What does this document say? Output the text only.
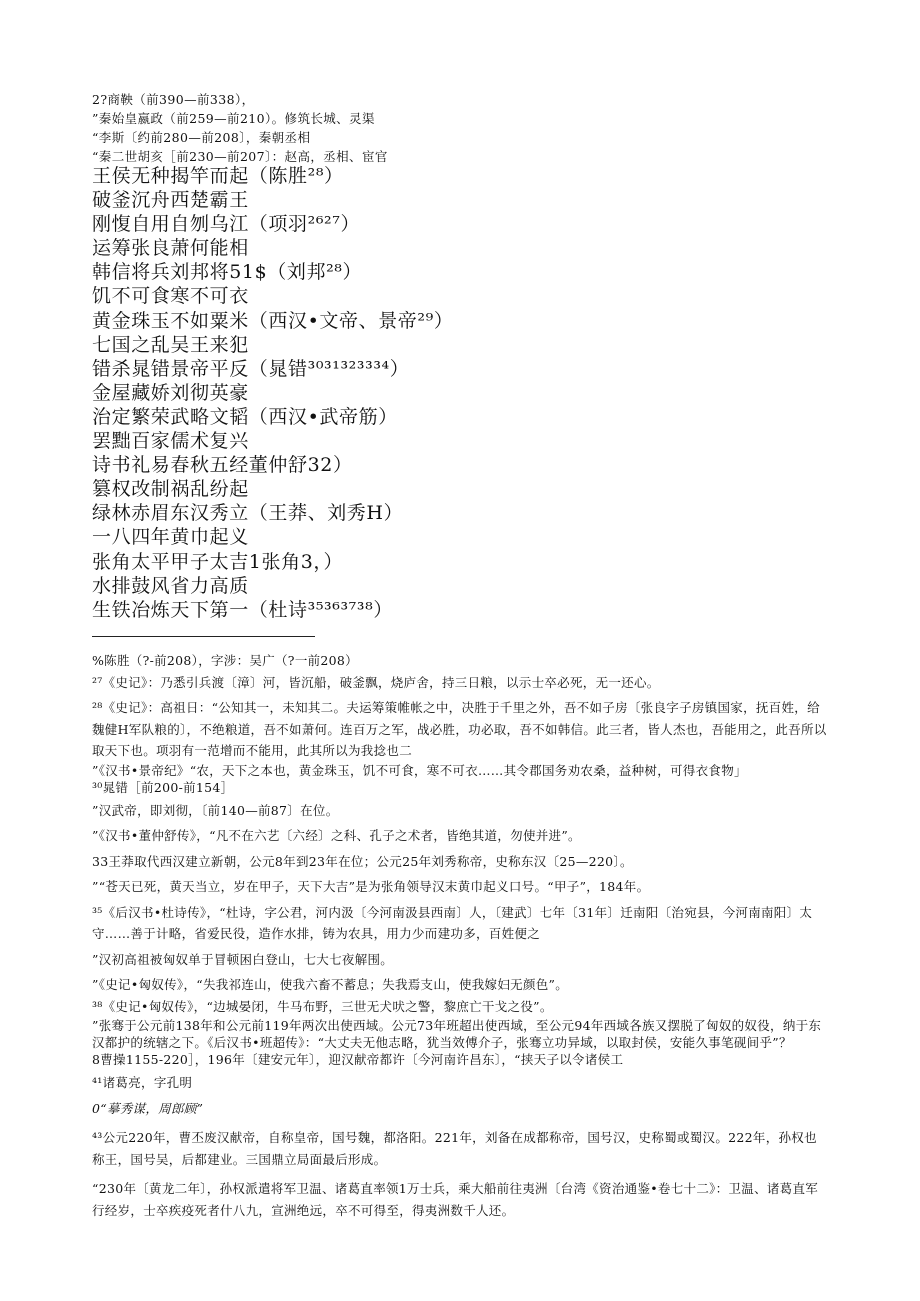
2?商鞅（前390—前338），
”秦始皇嬴政（前259—前210）。修筑长城、灵渠
“李斯〔约前280—前208〕，秦朝丞相
“秦二世胡亥［前230—前207〕：赵高，丞相、宦官
王侯无种揭竿而起（陈胜²⁸）
破釜沉舟西楚霸王
刚愎自用自刎乌江（项羽²⁶²⁷）
运筹张良萧何能相
韩信将兵刘邦将51$（刘邦²⁸）
饥不可食寒不可衣
黄金珠玉不如粟米（西汉•文帝、景帝²⁹）
七国之乱吴王来犯
错杀晁错景帝平反（晁错³⁰³¹³²³³³⁴）
金屋藏娇刘彻英豪
治定繁荣武略文韬（西汉•武帝筋）
罢黜百家儒术复兴
诗书礼易春秋五经董仲舒32）
篡权改制祸乱纷起
绿林赤眉东汉秀立（王莽、刘秀H）
一八四年黄巾起义
张角太平甲子太吉1张角3，）
水排鼓风省力高质
生铁冶炼天下第一（杜诗³⁵³⁶³⁷³⁸）
%陈胜（?-前208），字涉：吴广（?一前208）
²⁷《史记》：乃悉引兵渡〔漳〕河，皆沉船，破釜飘，烧庐舍，持三日粮，以示士卒必死，无一还心。
²⁸《史记》：高祖日：“公知其一，未知其二。夫运筹策帷帐之中，决胜于千里之外，吾不如子房〔张良字子房镇国家，抚百姓，给魏健H军队粮的〕，不绝粮道，吾不如萧何。连百万之军，战必胜，功必取，吾不如韩信。此三者，皆人杰也，吾能用之，此吾所以取天下也。项羽有一范增而不能用，此其所以为我捻也二
”《汉书•景帝纪》“农，天下之本也，黄金珠玉，饥不可食，寒不可衣……其令郡国务劝农桑，益种树，可得衣食物」
³⁰晁错［前200-前154］
”汉武帝，即刘彻，〔前140—前87〕在位。
”《汉书•董仲舒传》，“凡不在六艺〔六经〕之科、孔子之术者，皆绝其道，勿使并进”。
33王莽取代西汉建立新朝，公元8年到23年在位；公元25年刘秀称帝，史称东汉〔25—220〕。
”“苍天已死，黄天当立，岁在甲子，天下大吉”是为张角领导汉末黄巾起义口号。“甲子”，184年。
³⁵《后汉书•杜诗传》，“杜诗，字公君，河内汲〔今河南汲县西南〕人，〔建武〕七年〔31年〕迁南阳〔治宛县，今河南南阳〕太守……善于计略，省爱民役，造作水排，铸为农具，用力少而建功多，百姓便之
”汉初高祖被匈奴单于冒顿困白登山，七大七夜解围。
”《史记•匈奴传》，“失我祁连山，使我六畜不蓄息；失我焉支山，使我嫁妇无颜色”。
³⁸《史记•匈奴传》，“边城晏闭，牛马布野，三世无犬吠之警，黎庶亡干戈之役”。
”张骞于公元前138年和公元前119年两次出使西域。公元73年班超出使西域，至公元94年西域各族又摆脱了匈奴的奴役，纳于东汉都护的统辖之下。《后汉书•班超传》：“大丈夫无他志略，犹当效傅介子，张骞立功异域，以取封侯，安能久事笔砚间乎”？
8曹操1155-220］，196年〔建安元年〕，迎汉献帝都许〔今河南许昌东〕，“挟天子以令诸侯工
⁴¹诸葛亮，字孔明
0“摹秀谋，周郎顾”
⁴³公元220年，曹丕废汉献帝，自称皇帝，国号魏，都洛阳。221年，刘备在成都称帝，国号汉，史称蜀或蜀汉。222年，孙权也称王，国号吴，后都建业。三国鼎立局面最后形成。
“230年〔黄龙二年〕，孙权派遣将军卫温、诸葛直率领1万士兵，乘大船前往夷洲〔台湾《资治通鉴•卷七十二》：卫温、诸葛直军行经岁，士卒疾疫死者什八九，宣洲绝远，卒不可得至，得夷洲数千人还。
